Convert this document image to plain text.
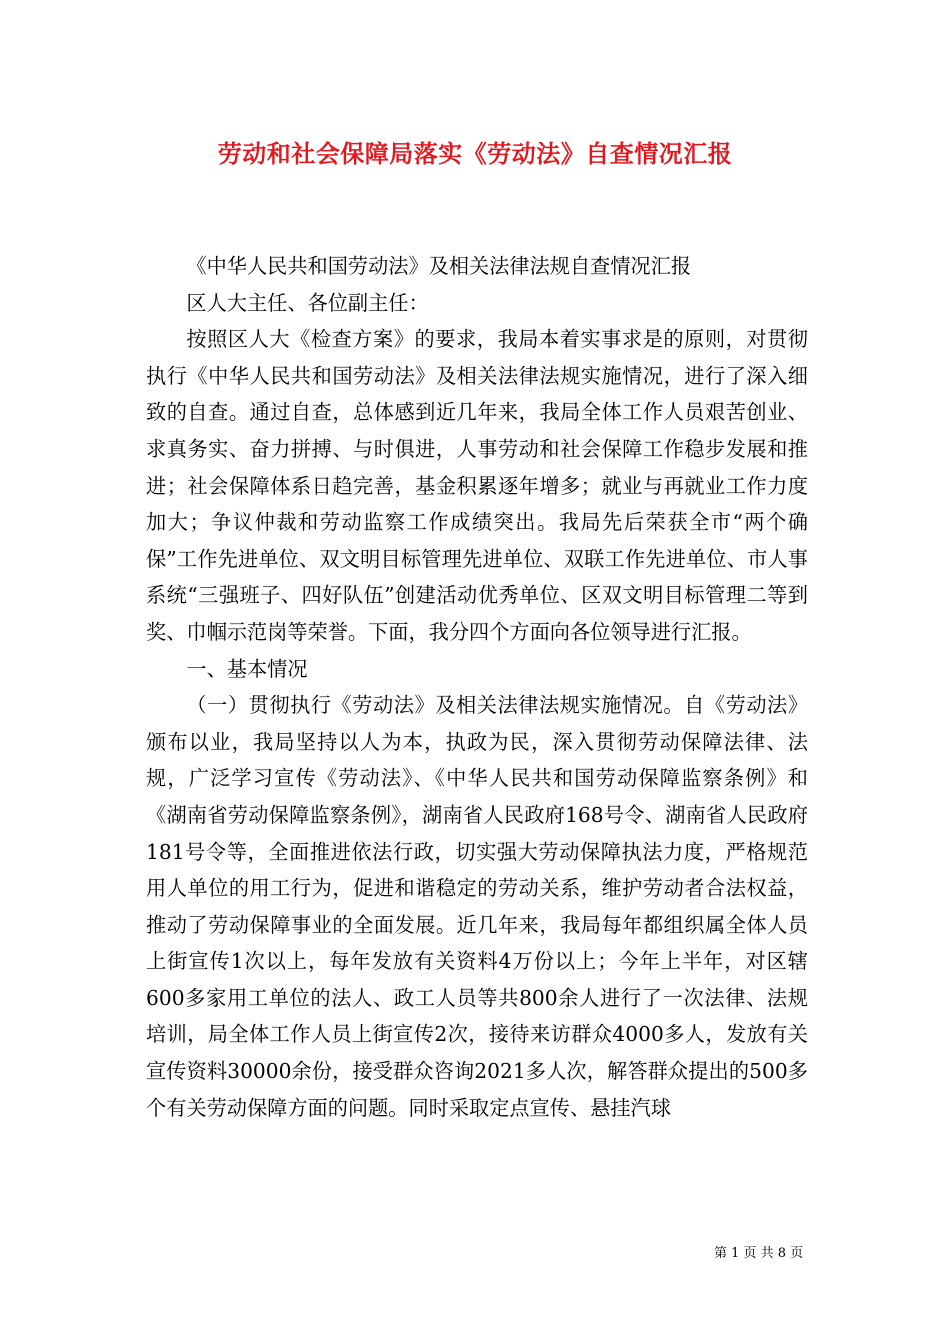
劳动和社会保障局落实《劳动法》自查情况汇报

《中华人民共和国劳动法》及相关法律法规自查情况汇报

区人大主任、各位副主任：

按照区人大《检查方案》的要求，我局本着实事求是的原则，对贯彻执行《中华人民共和国劳动法》及相关法律法规实施情况，进行了深入细致的自查。通过自查，总体感到近几年来，我局全体工作人员艰苦创业、求真务实、奋力拼搏、与时俱进，人事劳动和社会保障工作稳步发展和推进；社会保障体系日趋完善，基金积累逐年增多；就业与再就业工作力度加大；争议仲裁和劳动监察工作成绩突出。我局先后荣获全市“两个确保”工作先进单位、双文明目标管理先进单位、双联工作先进单位、市人事系统“三强班子、四好队伍”创建活动优秀单位、区双文明目标管理二等到奖、巾帼示范岗等荣誉。下面，我分四个方面向各位领导进行汇报。

一、基本情况

（一）贯彻执行《劳动法》及相关法律法规实施情况。自《劳动法》颁布以业，我局坚持以人为本，执政为民，深入贯彻劳动保障法律、法规，广泛学习宣传《劳动法》、《中华人民共和国劳动保障监察条例》和《湖南省劳动保障监察条例》，湖南省人民政府168号令、湖南省人民政府181号令等，全面推进依法行政，切实强大劳动保障执法力度，严格规范用人单位的用工行为，促进和谐稳定的劳动关系，维护劳动者合法权益，推动了劳动保障事业的全面发展。近几年来，我局每年都组织属全体人员上街宣传1次以上，每年发放有关资料4万份以上；今年上半年，对区辖600多家用工单位的法人、政工人员等共800余人进行了一次法律、法规培训，局全体工作人员上街宣传2次，接待来访群众4000多人，发放有关宣传资料30000余份，接受群众咨询2021多人次，解答群众提出的500多个有关劳动保障方面的问题。同时采取定点宣传、悬挂汽球

第 1 页 共 8 页
